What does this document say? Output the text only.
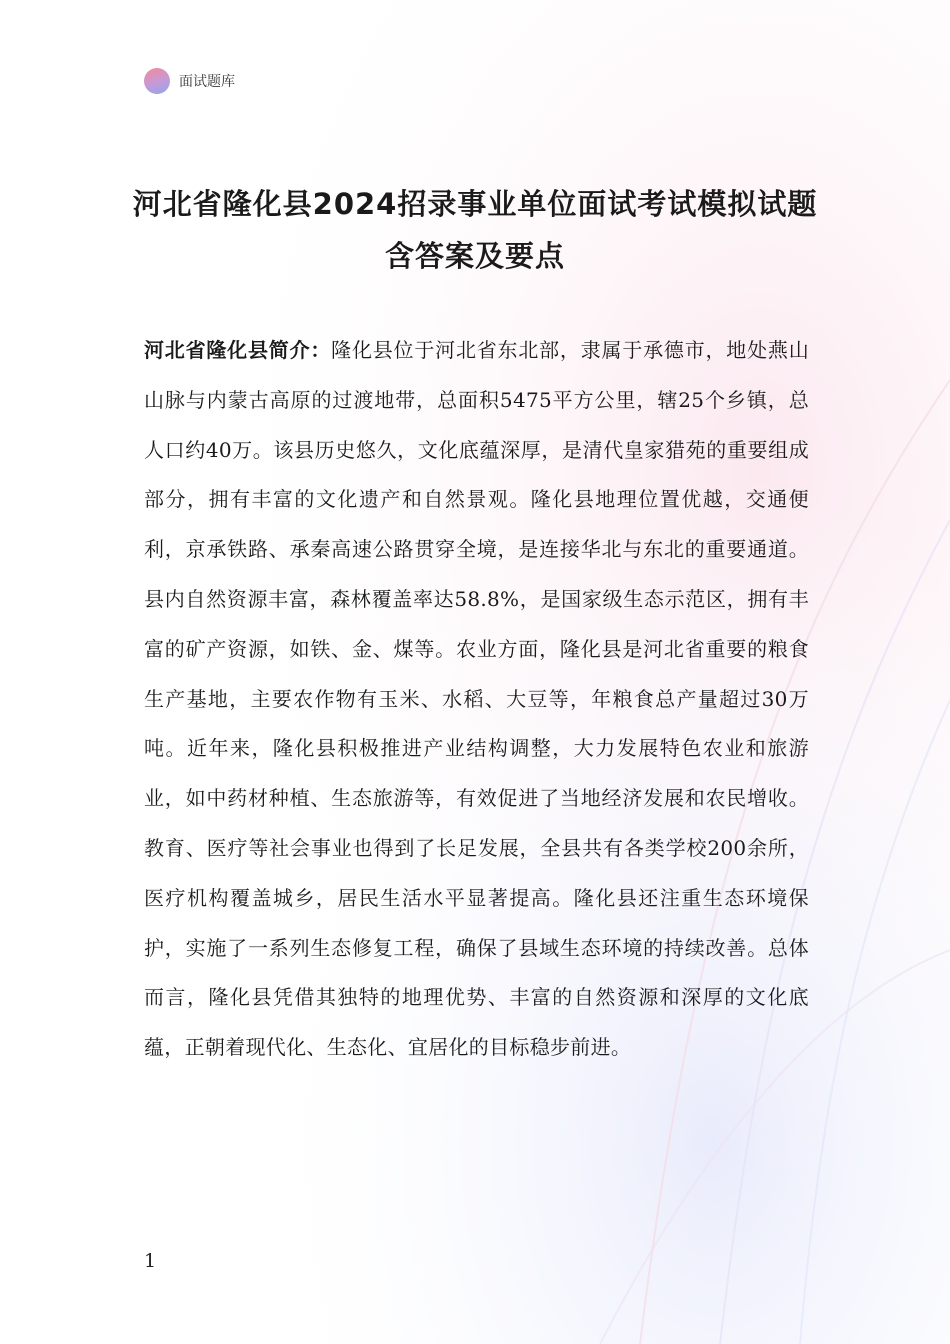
面试题库
河北省隆化县2024招录事业单位面试考试模拟试题含答案及要点
河北省隆化县简介：隆化县位于河北省东北部，隶属于承德市，地处燕山山脉与内蒙古高原的过渡地带，总面积5475平方公里，辖25个乡镇，总人口约40万。该县历史悠久，文化底蕴深厚，是清代皇家猎苑的重要组成部分，拥有丰富的文化遗产和自然景观。隆化县地理位置优越，交通便利，京承铁路、承秦高速公路贯穿全境，是连接华北与东北的重要通道。县内自然资源丰富，森林覆盖率达58.8%，是国家级生态示范区，拥有丰富的矿产资源，如铁、金、煤等。农业方面，隆化县是河北省重要的粮食生产基地，主要农作物有玉米、水稻、大豆等，年粮食总产量超过30万吨。近年来，隆化县积极推进产业结构调整，大力发展特色农业和旅游业，如中药材种植、生态旅游等，有效促进了当地经济发展和农民增收。教育、医疗等社会事业也得到了长足发展，全县共有各类学校200余所，医疗机构覆盖城乡，居民生活水平显著提高。隆化县还注重生态环境保护，实施了一系列生态修复工程，确保了县域生态环境的持续改善。总体而言，隆化县凭借其独特的地理优势、丰富的自然资源和深厚的文化底蕴，正朝着现代化、生态化、宜居化的目标稳步前进。
1
